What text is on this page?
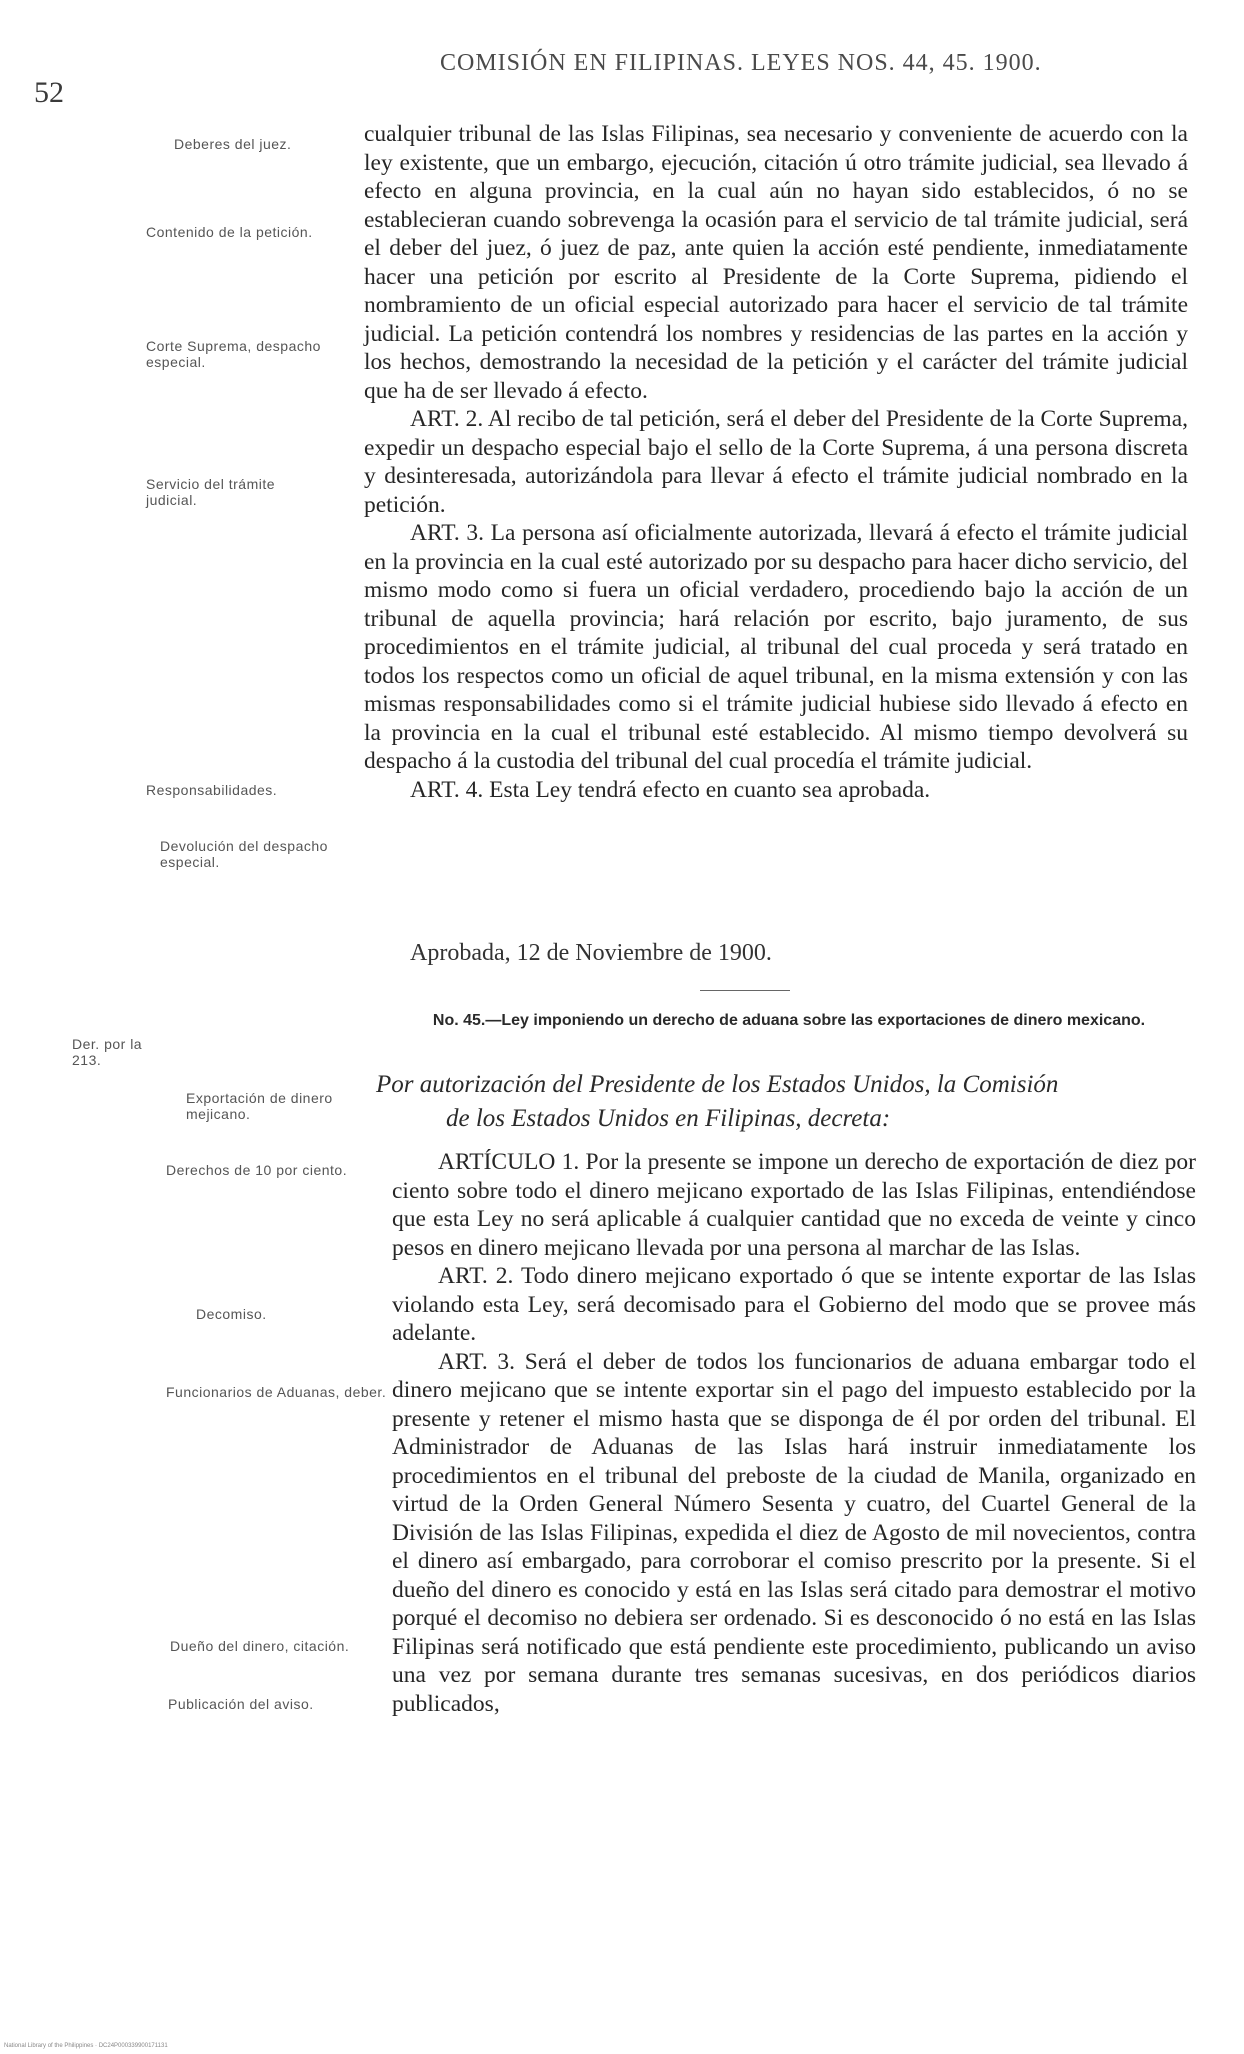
52
COMISIÓN EN FILIPINAS. LEYES NOS. 44, 45. 1900.
Deberes del juez.
Contenido de la petición.
Corte Suprema, despacho especial.
Servicio del trámite judicial.
Responsabilidades.
Devolución del despacho especial.
Der. por la 213.
Exportación de dinero mejicano.
Derechos de 10 por ciento.
Decomiso.
Funcionarios de Aduanas, deber.
Dueño del dinero, citación.
Publicación del aviso.

cualquier tribunal de las Islas Filipinas, sea necesario y conveniente de acuerdo con la ley existente, que un embargo, ejecución, citación ú otro trámite judicial, sea llevado á efecto en alguna provincia, en la cual aún no hayan sido establecidos, ó no se establecieran cuando sobrevenga la ocasión para el servicio de tal trámite judicial, será el deber del juez, ó juez de paz, ante quien la acción esté pendiente, inmediatamente hacer una petición por escrito al Presidente de la Corte Suprema, pidiendo el nombramiento de un oficial especial autorizado para hacer el servicio de tal trámite judicial. La petición contendrá los nombres y residencias de las partes en la acción y los hechos, demostrando la necesidad de la petición y el carácter del trámite judicial que ha de ser llevado á efecto.

ART. 2. Al recibo de tal petición, será el deber del Presidente de la Corte Suprema, expedir un despacho especial bajo el sello de la Corte Suprema, á una persona discreta y desinteresada, autorizándola para llevar á efecto el trámite judicial nombrado en la petición.

ART. 3. La persona así oficialmente autorizada, llevará á efecto el trámite judicial en la provincia en la cual esté autorizado por su despacho para hacer dicho servicio, del mismo modo como si fuera un oficial verdadero, procediendo bajo la acción de un tribunal de aquella provincia; hará relación por escrito, bajo juramento, de sus procedimientos en el trámite judicial, al tribunal del cual proceda y será tratado en todos los respectos como un oficial de aquel tribunal, en la misma extensión y con las mismas responsabilidades como si el trámite judicial hubiese sido llevado á efecto en la provincia en la cual el tribunal esté establecido. Al mismo tiempo devolverá su despacho á la custodia del tribunal del cual procedía el trámite judicial.

ART. 4. Esta Ley tendrá efecto en cuanto sea aprobada.

Aprobada, 12 de Noviembre de 1900.
No. 45.—Ley imponiendo un derecho de aduana sobre las exportaciones de dinero mexicano.
Por autorización del Presidente de los Estados Unidos, la Comisión
de los Estados Unidos en Filipinas, decreta:

ARTÍCULO 1. Por la presente se impone un derecho de exportación de diez por ciento sobre todo el dinero mejicano exportado de las Islas Filipinas, entendiéndose que esta Ley no será aplicable á cualquier cantidad que no exceda de veinte y cinco pesos en dinero mejicano llevada por una persona al marchar de las Islas.

ART. 2. Todo dinero mejicano exportado ó que se intente exportar de las Islas violando esta Ley, será decomisado para el Gobierno del modo que se provee más adelante.

ART. 3. Será el deber de todos los funcionarios de aduana embargar todo el dinero mejicano que se intente exportar sin el pago del impuesto establecido por la presente y retener el mismo hasta que se disponga de él por orden del tribunal. El Administrador de Aduanas de las Islas hará instruir inmediatamente los procedimientos en el tribunal del preboste de la ciudad de Manila, organizado en virtud de la Orden General Número Sesenta y cuatro, del Cuartel General de la División de las Islas Filipinas, expedida el diez de Agosto de mil novecientos, contra el dinero así embargado, para corroborar el comiso prescrito por la presente. Si el dueño del dinero es conocido y está en las Islas será citado para demostrar el motivo porqué el decomiso no debiera ser ordenado. Si es desconocido ó no está en las Islas Filipinas será notificado que está pendiente este procedimiento, publicando un aviso una vez por semana durante tres semanas sucesivas, en dos periódicos diarios publicados,

National Library of the Philippines · DC24P000339900171131
